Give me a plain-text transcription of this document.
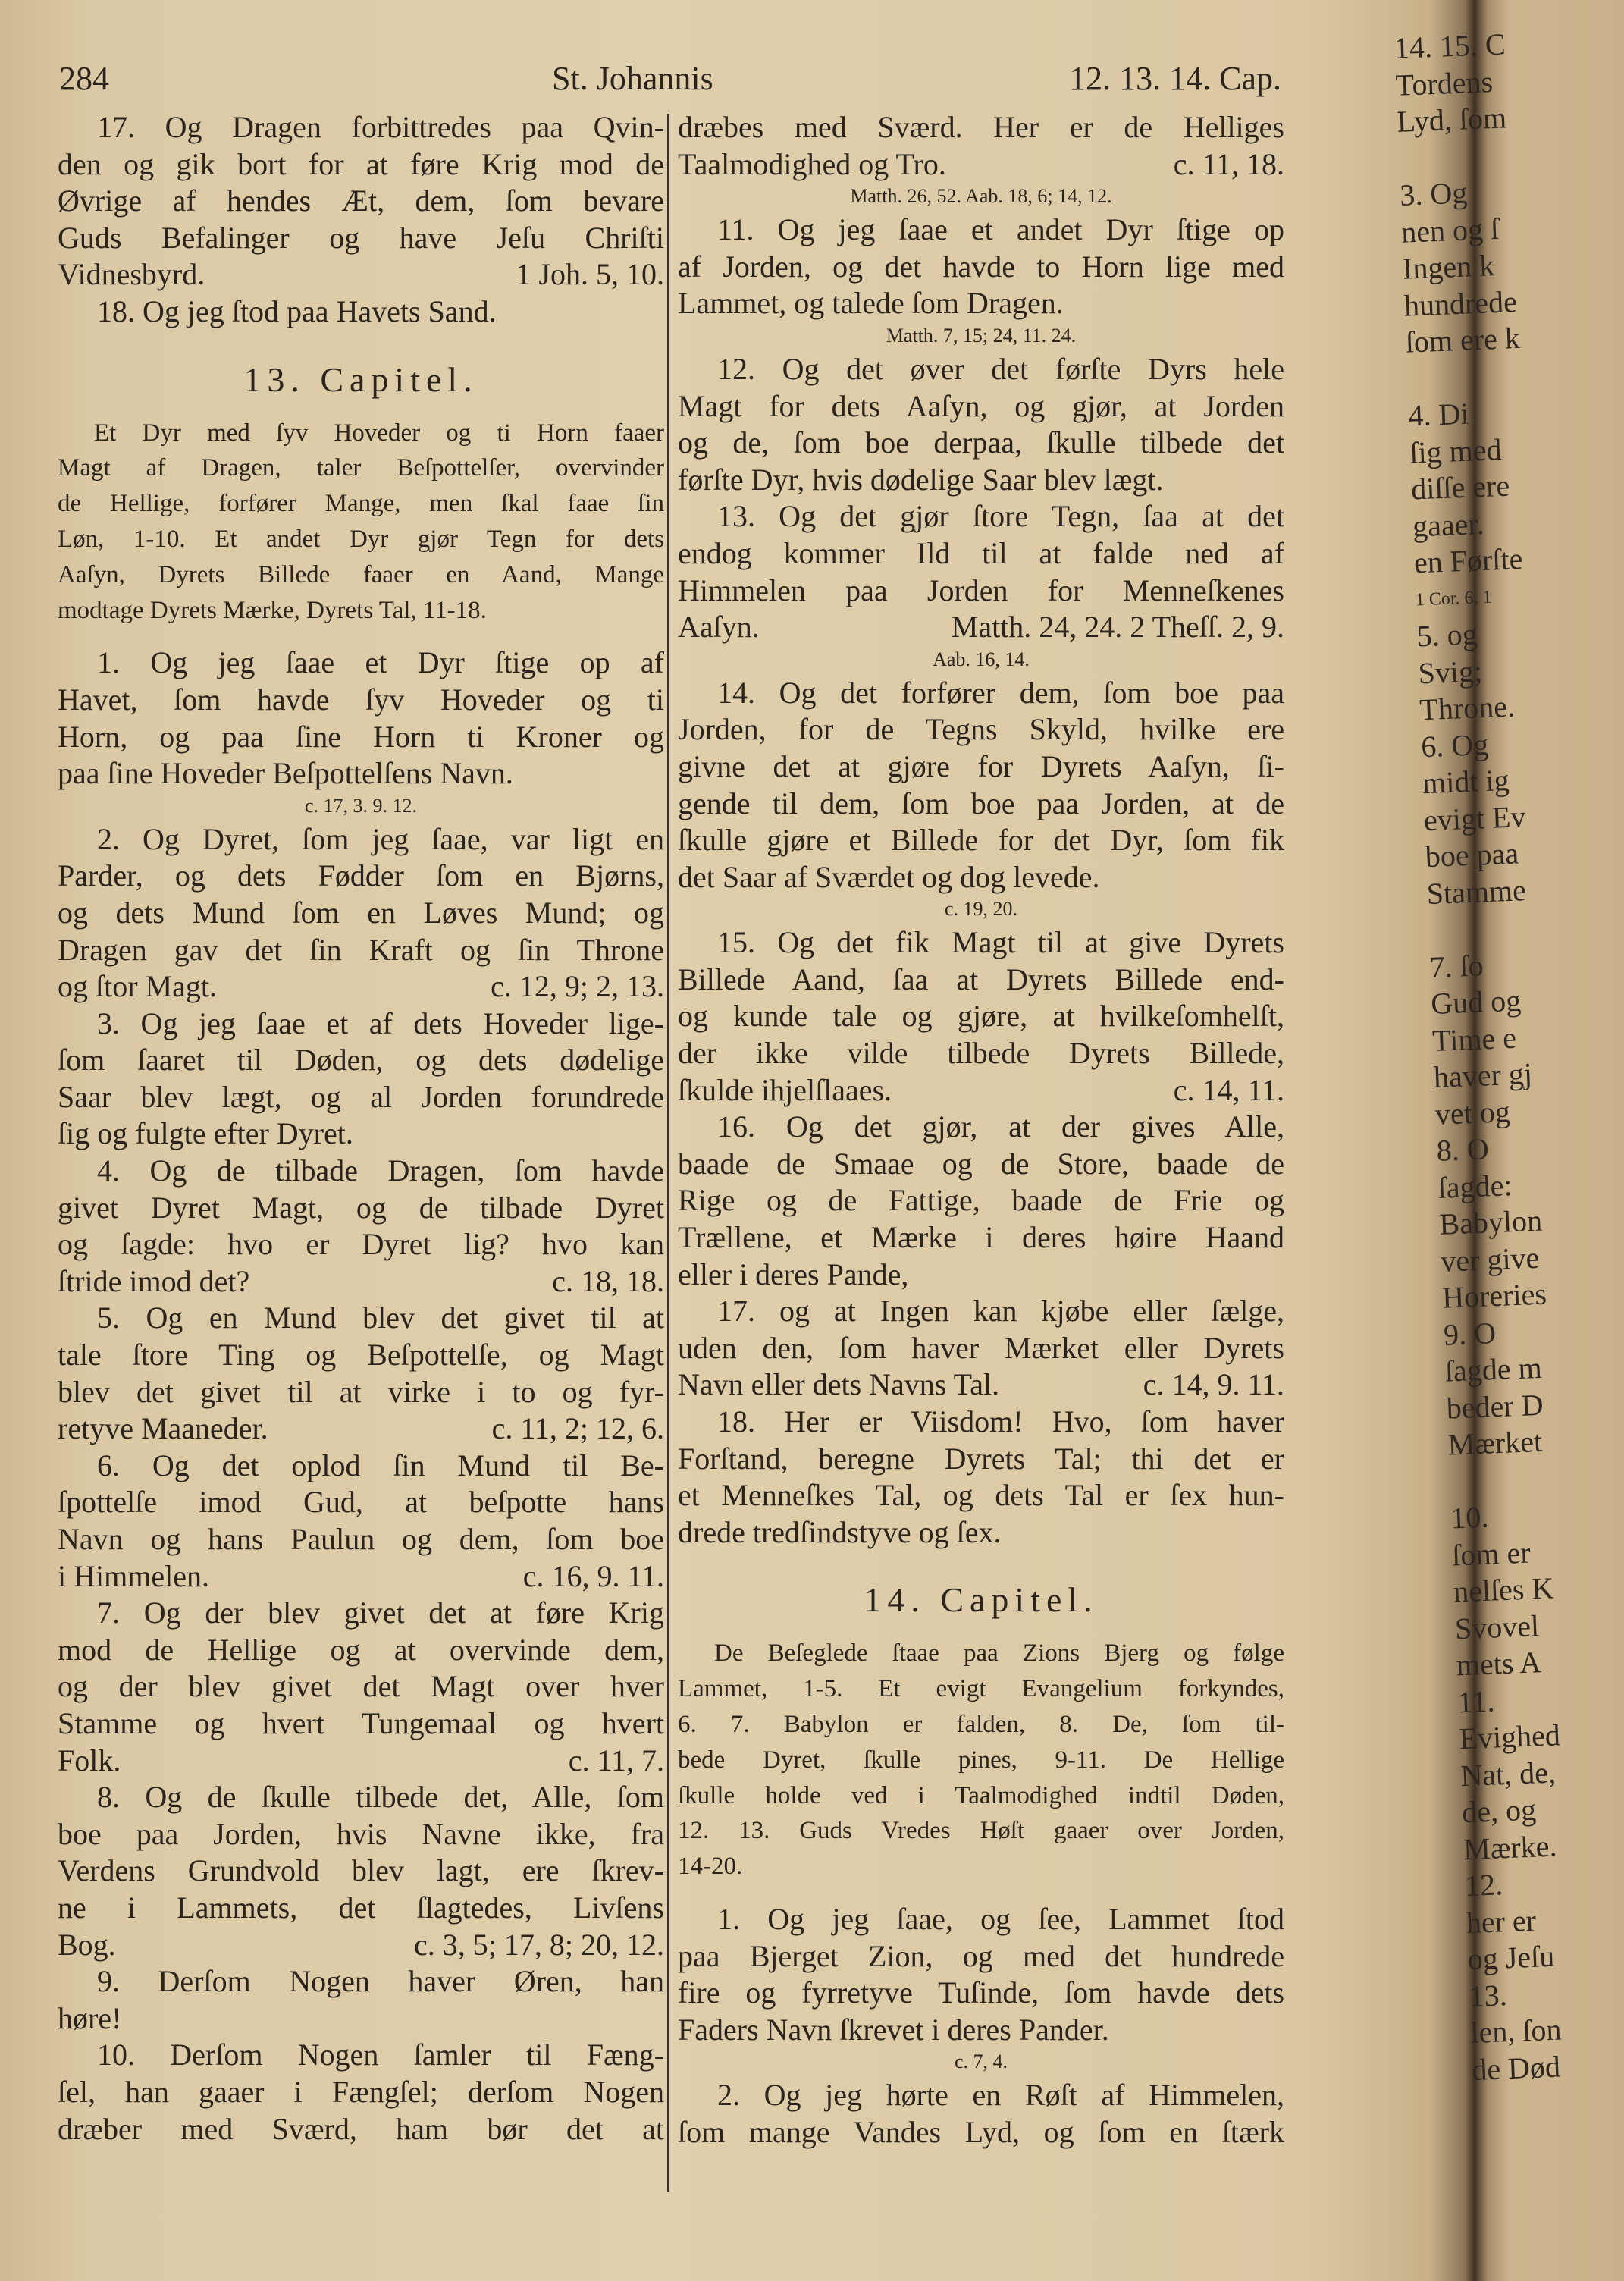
284	St. Johannis	12. 13. 14. Cap.
17. Og Dragen forbittredes paa Qvin-
den og gik bort for at føre Krig mod de
Øvrige af hendes Æt, dem, ſom bevare
Guds Befalinger og have Jeſu Chriſti
Vidnesbyrd.	1 Joh. 5, 10.
18. Og jeg ſtod paa Havets Sand.
13. Capitel.
Et Dyr med ſyv Hoveder og ti Horn faaer
Magt af Dragen, taler Beſpottelſer, overvinder
de Hellige, forfører Mange, men ſkal faae ſin
Løn, 1-10. Et andet Dyr gjør Tegn for dets
Aaſyn, Dyrets Billede faaer en Aand, Mange
modtage Dyrets Mærke, Dyrets Tal, 11-18.
1. Og jeg ſaae et Dyr ſtige op af
Havet, ſom havde ſyv Hoveder og ti
Horn, og paa ſine Horn ti Kroner og
paa ſine Hoveder Beſpottelſens Navn.
c. 17, 3. 9. 12.
2. Og Dyret, ſom jeg ſaae, var ligt en
Parder, og dets Fødder ſom en Bjørns,
og dets Mund ſom en Løves Mund; og
Dragen gav det ſin Kraft og ſin Throne
og ſtor Magt.	c. 12, 9; 2, 13.
3. Og jeg ſaae et af dets Hoveder lige-
ſom ſaaret til Døden, og dets dødelige
Saar blev lægt, og al Jorden forundrede
ſig og fulgte efter Dyret.
4. Og de tilbade Dragen, ſom havde
givet Dyret Magt, og de tilbade Dyret
og ſagde: hvo er Dyret lig? hvo kan
ſtride imod det?	c. 18, 18.
5. Og en Mund blev det givet til at
tale ſtore Ting og Beſpottelſe, og Magt
blev det givet til at virke i to og fyr-
retyve Maaneder.	c. 11, 2; 12, 6.
6. Og det oplod ſin Mund til Be-
ſpottelſe imod Gud, at beſpotte hans
Navn og hans Paulun og dem, ſom boe
i Himmelen.	c. 16, 9. 11.
7. Og der blev givet det at føre Krig
mod de Hellige og at overvinde dem,
og der blev givet det Magt over hver
Stamme og hvert Tungemaal og hvert
Folk.	c. 11, 7.
8. Og de ſkulle tilbede det, Alle, ſom
boe paa Jorden, hvis Navne ikke, fra
Verdens Grundvold blev lagt, ere ſkrev-
ne i Lammets, det ſlagtedes, Livſens
Bog.	c. 3, 5; 17, 8; 20, 12.
9. Derſom Nogen haver Øren, han
høre!
10. Derſom Nogen ſamler til Fæng-
ſel, han gaaer i Fængſel; derſom Nogen
dræber med Sværd, ham bør det at
dræbes med Sværd. Her er de Helliges
Taalmodighed og Tro.	c. 11, 18.
Matth. 26, 52. Aab. 18, 6; 14, 12.
11. Og jeg ſaae et andet Dyr ſtige op
af Jorden, og det havde to Horn lige med
Lammet, og talede ſom Dragen.
Matth. 7, 15; 24, 11. 24.
12. Og det øver det førſte Dyrs hele
Magt for dets Aaſyn, og gjør, at Jorden
og de, ſom boe derpaa, ſkulle tilbede det
førſte Dyr, hvis dødelige Saar blev lægt.
13. Og det gjør ſtore Tegn, ſaa at det
endog kommer Ild til at falde ned af
Himmelen paa Jorden for Menneſkenes
Aaſyn.	Matth. 24, 24. 2 Theſſ. 2, 9.
Aab. 16, 14.
14. Og det forfører dem, ſom boe paa
Jorden, for de Tegns Skyld, hvilke ere
givne det at gjøre for Dyrets Aaſyn, ſi-
gende til dem, ſom boe paa Jorden, at de
ſkulle gjøre et Billede for det Dyr, ſom fik
det Saar af Sværdet og dog levede.
c. 19, 20.
15. Og det fik Magt til at give Dyrets
Billede Aand, ſaa at Dyrets Billede end-
og kunde tale og gjøre, at hvilkeſomhelſt,
der ikke vilde tilbede Dyrets Billede,
ſkulde ihjelſlaaes.	c. 14, 11.
16. Og det gjør, at der gives Alle,
baade de Smaae og de Store, baade de
Rige og de Fattige, baade de Frie og
Trællene, et Mærke i deres høire Haand
eller i deres Pande,
17. og at Ingen kan kjøbe eller ſælge,
uden den, ſom haver Mærket eller Dyrets
Navn eller dets Navns Tal.	c. 14, 9. 11.
18. Her er Viisdom! Hvo, ſom haver
Forſtand, beregne Dyrets Tal; thi det er
et Menneſkes Tal, og dets Tal er ſex hun-
drede tredſindstyve og ſex.
14. Capitel.
De Beſeglede ſtaae paa Zions Bjerg og følge
Lammet, 1-5. Et evigt Evangelium forkyndes,
6. 7. Babylon er falden, 8. De, ſom til-
bede Dyret, ſkulle pines, 9-11. De Hellige
ſkulle holde ved i Taalmodighed indtil Døden,
12. 13. Guds Vredes Høſt gaaer over Jorden,
14-20.
1. Og jeg ſaae, og ſee, Lammet ſtod
paa Bjerget Zion, og med det hundrede
fire og fyrretyve Tuſinde, ſom havde dets
Faders Navn ſkrevet i deres Pander.
c. 7, 4.
2. Og jeg hørte en Røſt af Himmelen,
ſom mange Vandes Lyd, og ſom en ſtærk
14. 15. C
Tordens
Lyd, ſom
3. Og
nen og ſ
Ingen k
hundrede
ſom ere k
4. Di
ſig med
diſſe ere
gaaer.
en Førſte
1 Cor. 6, 1
5. og
Svig;
Throne.
6. Og
midt ig
evigt Ev
boe paa
Stamme
7. ſo
Gud og
Time e
haver gj
vet og
8. O
ſagde:
Babylon
ver give
Horeries
9. O
ſagde m
beder D
Mærket
10.
ſom er
nelſes K
Svovel
mets A
11.
Evighed
Nat, de,
de, og
Mærke.
12.
her er
og Jeſu
13.
len, ſon
de Død
